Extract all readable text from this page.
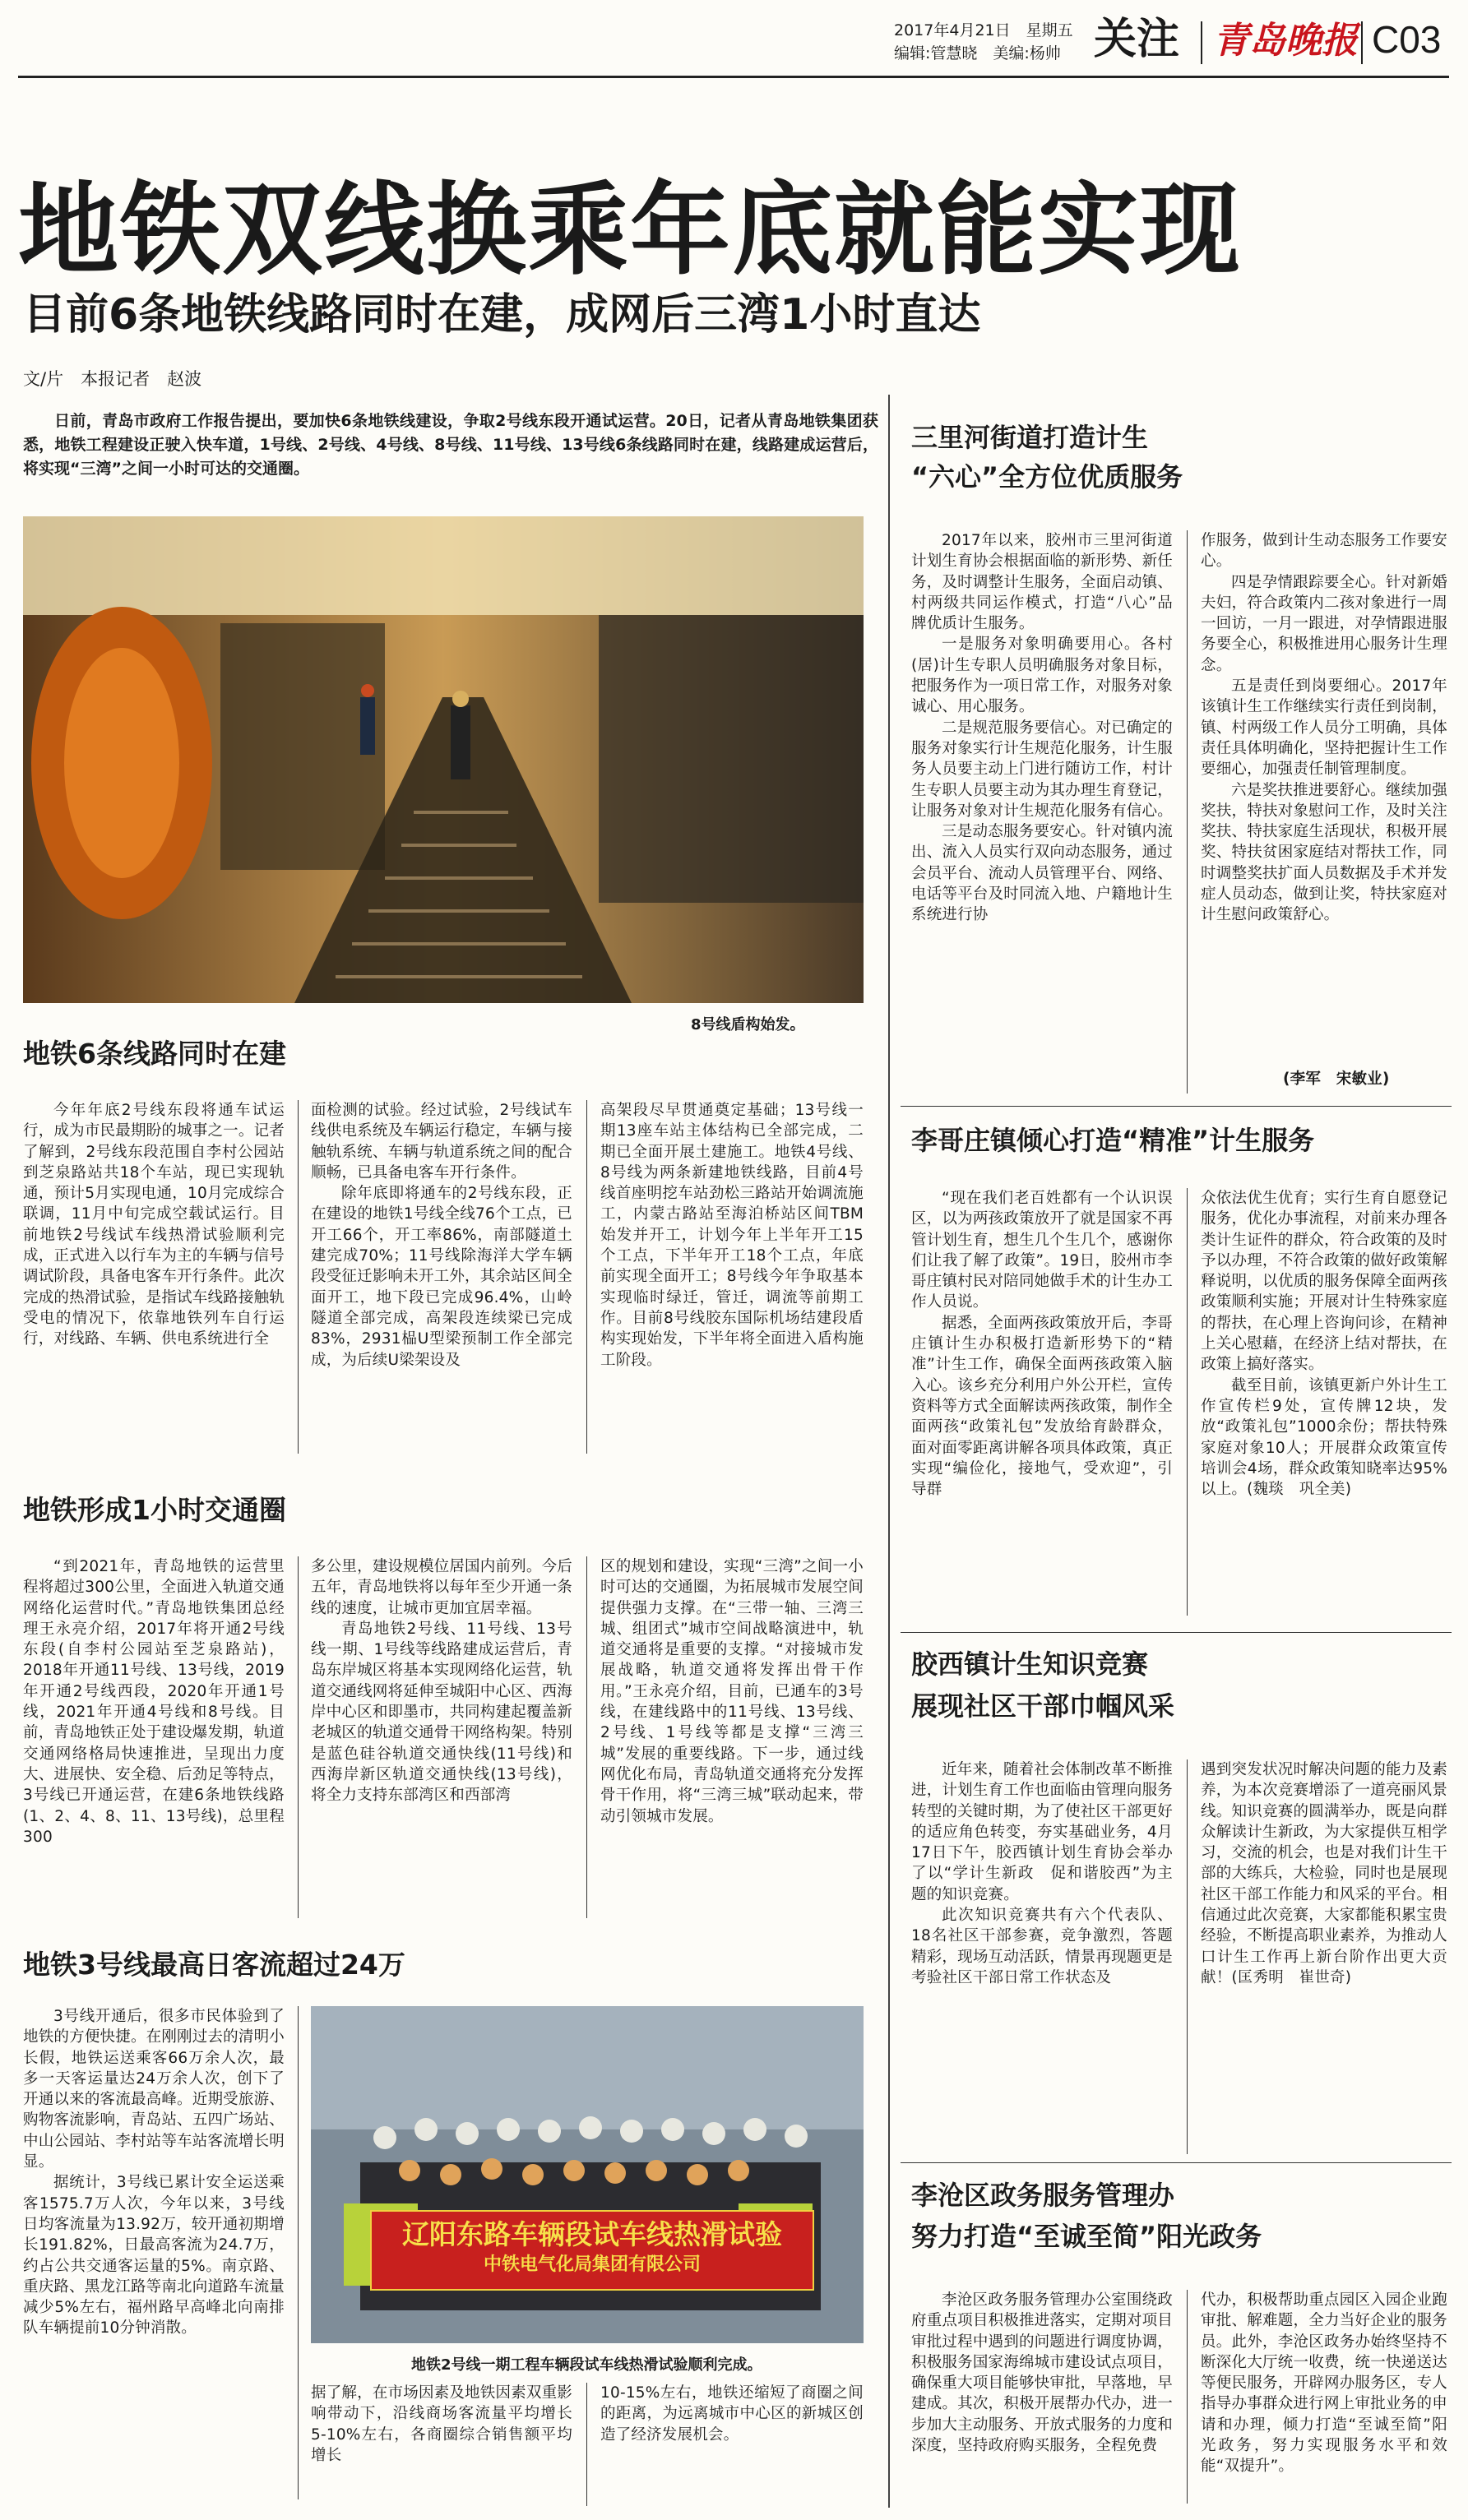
2017年4月21日　星期五
编辑:管慧晓　美编:杨帅 关注 青岛晚报 C03
地铁双线换乘年底就能实现
目前6条地铁线路同时在建，成网后三湾1小时直达
文/片　本报记者　赵波
日前，青岛市政府工作报告提出，要加快6条地铁线建设，争取2号线东段开通试运营。20日，记者从青岛地铁集团获悉，地铁工程建设正驶入快车道，1号线、2号线、4号线、8号线、11号线、13号线6条线路同时在建，线路建成运营后，将实现“三湾”之间一小时可达的交通圈。
8号线盾构始发。
地铁6条线路同时在建

今年年底2号线东段将通车试运行，成为市民最期盼的城事之一。记者了解到，2号线东段范围自李村公园站到芝泉路站共18个车站，现已实现轨通，预计5月实现电通，10月完成综合联调，11月中旬完成空载试运行。目前地铁2号线试车线热滑试验顺利完成，正式进入以行车为主的车辆与信号调试阶段，具备电客车开行条件。此次完成的热滑试验，是指试车线路接触轨受电的情况下，依靠地铁列车自行运行，对线路、车辆、供电系统进行全

面检测的试验。经过试验，2号线试车线供电系统及车辆运行稳定，车辆与接触轨系统、车辆与轨道系统之间的配合顺畅，已具备电客车开行条件。

除年底即将通车的2号线东段，正在建设的地铁1号线全线76个工点，已开工66个，开工率86%，南部隧道土建完成70%；11号线除海洋大学车辆段受征迁影响未开工外，其余站区间全面开工，地下段已完成96.4%，山岭隧道全部完成，高架段连续梁已完成83%，2931榀U型梁预制工作全部完成，为后续U梁架设及

高架段尽早贯通奠定基础；13号线一期13座车站主体结构已全部完成，二期已全面开展土建施工。地铁4号线、8号线为两条新建地铁线路，目前4号线首座明挖车站劲松三路站开始调流施工，内蒙古路站至海泊桥站区间TBM始发并开工，计划今年上半年开工15个工点，下半年开工18个工点，年底前实现全面开工；8号线今年争取基本实现临时绿迁，管迁，调流等前期工作。目前8号线胶东国际机场结建段盾构实现始发，下半年将全面进入盾构施工阶段。

地铁形成1小时交通圈

“到2021年，青岛地铁的运营里程将超过300公里，全面进入轨道交通网络化运营时代。”青岛地铁集团总经理王永亮介绍，2017年将开通2号线东段(自李村公园站至芝泉路站)，2018年开通11号线、13号线，2019年开通2号线西段，2020年开通1号线，2021年开通4号线和8号线。目前，青岛地铁正处于建设爆发期，轨道交通网络格局快速推进，呈现出力度大、进展快、安全稳、后劲足等特点，3号线已开通运营，在建6条地铁线路(1、2、4、8、11、13号线)，总里程300

多公里，建设规模位居国内前列。今后五年，青岛地铁将以每年至少开通一条线的速度，让城市更加宜居幸福。

青岛地铁2号线、11号线、13号线一期、1号线等线路建成运营后，青岛东岸城区将基本实现网络化运营，轨道交通线网将延伸至城阳中心区、西海岸中心区和即墨市，共同构建起覆盖新老城区的轨道交通骨干网络构架。特别是蓝色硅谷轨道交通快线(11号线)和西海岸新区轨道交通快线(13号线)，将全力支持东部湾区和西部湾

区的规划和建设，实现“三湾”之间一小时可达的交通圈，为拓展城市发展空间提供强力支撑。在“三带一轴、三湾三城、组团式”城市空间战略演进中，轨道交通将是重要的支撑。“对接城市发展战略，轨道交通将发挥出骨干作用。”王永亮介绍，目前，已通车的3号线，在建线路中的11号线、13号线、2号线、1号线等都是支撑“三湾三城”发展的重要线路。下一步，通过线网优化布局，青岛轨道交通将充分发挥骨干作用，将“三湾三城”联动起来，带动引领城市发展。

地铁3号线最高日客流超过24万

3号线开通后，很多市民体验到了地铁的方便快捷。在刚刚过去的清明小长假，地铁运送乘客66万余人次，最多一天客运量达24万余人次，创下了开通以来的客流最高峰。近期受旅游、购物客流影响，青岛站、五四广场站、中山公园站、李村站等车站客流增长明显。

据统计，3号线已累计安全运送乘客1575.7万人次，今年以来，3号线日均客流量为13.92万，较开通初期增长191.82%，日最高客流为24.7万，约占公共交通客运量的5%。南京路、重庆路、黑龙江路等南北向道路车流量减少5%左右，福州路早高峰北向南排队车辆提前10分钟消散。

辽阳东路车辆段试车线热滑试验
中铁电气化局集团有限公司
地铁2号线一期工程车辆段试车线热滑试验顺利完成。

据了解，在市场因素及地铁因素双重影响带动下，沿线商场客流量平均增长5-10%左右，各商圈综合销售额平均增长

10-15%左右，地铁还缩短了商圈之间的距离，为远离城市中心区的新城区创造了经济发展机会。

三里河街道打造计生
“六心”全方位优质服务

2017年以来，胶州市三里河街道计划生育协会根据面临的新形势、新任务，及时调整计生服务，全面启动镇、村两级共同运作模式，打造“八心”品牌优质计生服务。

一是服务对象明确要用心。各村(居)计生专职人员明确服务对象目标，把服务作为一项日常工作，对服务对象诚心、用心服务。

二是规范服务要信心。对已确定的服务对象实行计生规范化服务，计生服务人员要主动上门进行随访工作，村计生专职人员要主动为其办理生育登记，让服务对象对计生规范化服务有信心。

三是动态服务要安心。针对镇内流出、流入人员实行双向动态服务，通过会员平台、流动人员管理平台、网络、电话等平台及时同流入地、户籍地计生系统进行协

作服务，做到计生动态服务工作要安心。

四是孕情跟踪要全心。针对新婚夫妇，符合政策内二孩对象进行一周一回访，一月一跟进，对孕情跟进服务要全心，积极推进用心服务计生理念。

五是责任到岗要细心。2017年该镇计生工作继续实行责任到岗制，镇、村两级工作人员分工明确，具体责任具体明确化，坚持把握计生工作要细心，加强责任制管理制度。

六是奖扶推进要舒心。继续加强奖扶，特扶对象慰问工作，及时关注奖扶、特扶家庭生活现状，积极开展奖、特扶贫困家庭结对帮扶工作，同时调整奖扶扩面人员数据及手术并发症人员动态，做到让奖，特扶家庭对计生慰问政策舒心。

(李军　宋敏业)
李哥庄镇倾心打造“精准”计生服务

“现在我们老百姓都有一个认识误区，以为两孩政策放开了就是国家不再管计划生育，想生几个生几个，感谢你们让我了解了政策”。19日，胶州市李哥庄镇村民对陪同她做手术的计生办工作人员说。

据悉，全面两孩政策放开后，李哥庄镇计生办积极打造新形势下的“精准”计生工作，确保全面两孩政策入脑入心。该乡充分利用户外公开栏，宣传资料等方式全面解读两孩政策，制作全面两孩“政策礼包”发放给育龄群众，面对面零距离讲解各项具体政策，真正实现“编俭化，接地气，受欢迎”，引导群

众依法优生优育；实行生育自愿登记服务，优化办事流程，对前来办理各类计生证件的群众，符合政策的及时予以办理，不符合政策的做好政策解释说明，以优质的服务保障全面两孩政策顺利实施；开展对计生特殊家庭的帮扶，在心理上咨询问诊，在精神上关心慰藉，在经济上结对帮扶，在政策上搞好落实。

截至目前，该镇更新户外计生工作宣传栏9处，宣传牌12块，发放“政策礼包”1000余份；帮扶特殊家庭对象10人；开展群众政策宣传培训会4场，群众政策知晓率达95%以上。(魏琰　巩全美)

胶西镇计生知识竞赛
展现社区干部巾帼风采

近年来，随着社会体制改革不断推进，计划生育工作也面临由管理向服务转型的关键时期，为了使社区干部更好的适应角色转变，夯实基础业务，4月17日下午，胶西镇计划生育协会举办了以“学计生新政　促和谐胶西”为主题的知识竞赛。

此次知识竞赛共有六个代表队、18名社区干部参赛，竞争激烈，答题精彩，现场互动活跃，情景再现题更是考验社区干部日常工作状态及

遇到突发状况时解决问题的能力及素养，为本次竞赛增添了一道亮丽风景线。知识竞赛的圆满举办，既是向群众解读计生新政，为大家提供互相学习，交流的机会，也是对我们计生干部的大练兵，大检验，同时也是展现社区干部工作能力和风采的平台。相信通过此次竞赛，大家都能积累宝贵经验，不断提高职业素养，为推动人口计生工作再上新台阶作出更大贡献！(匡秀明　崔世奇)

李沧区政务服务管理办
努力打造“至诚至简”阳光政务

李沧区政务服务管理办公室围绕政府重点项目积极推进落实，定期对项目审批过程中遇到的问题进行调度协调，积极服务国家海绵城市建设试点项目，确保重大项目能够快审批，早落地，早建成。其次，积极开展帮办代办，进一步加大主动服务、开放式服务的力度和深度，坚持政府购买服务，全程免费

代办，积极帮助重点园区入园企业跑审批、解难题，全力当好企业的服务员。此外，李沧区政务办始终坚持不断深化大厅统一收费，统一快递送达等便民服务，开辟网办服务区，专人指导办事群众进行网上审批业务的申请和办理，倾力打造“至诚至简”阳光政务，努力实现服务水平和效能“双提升”。
